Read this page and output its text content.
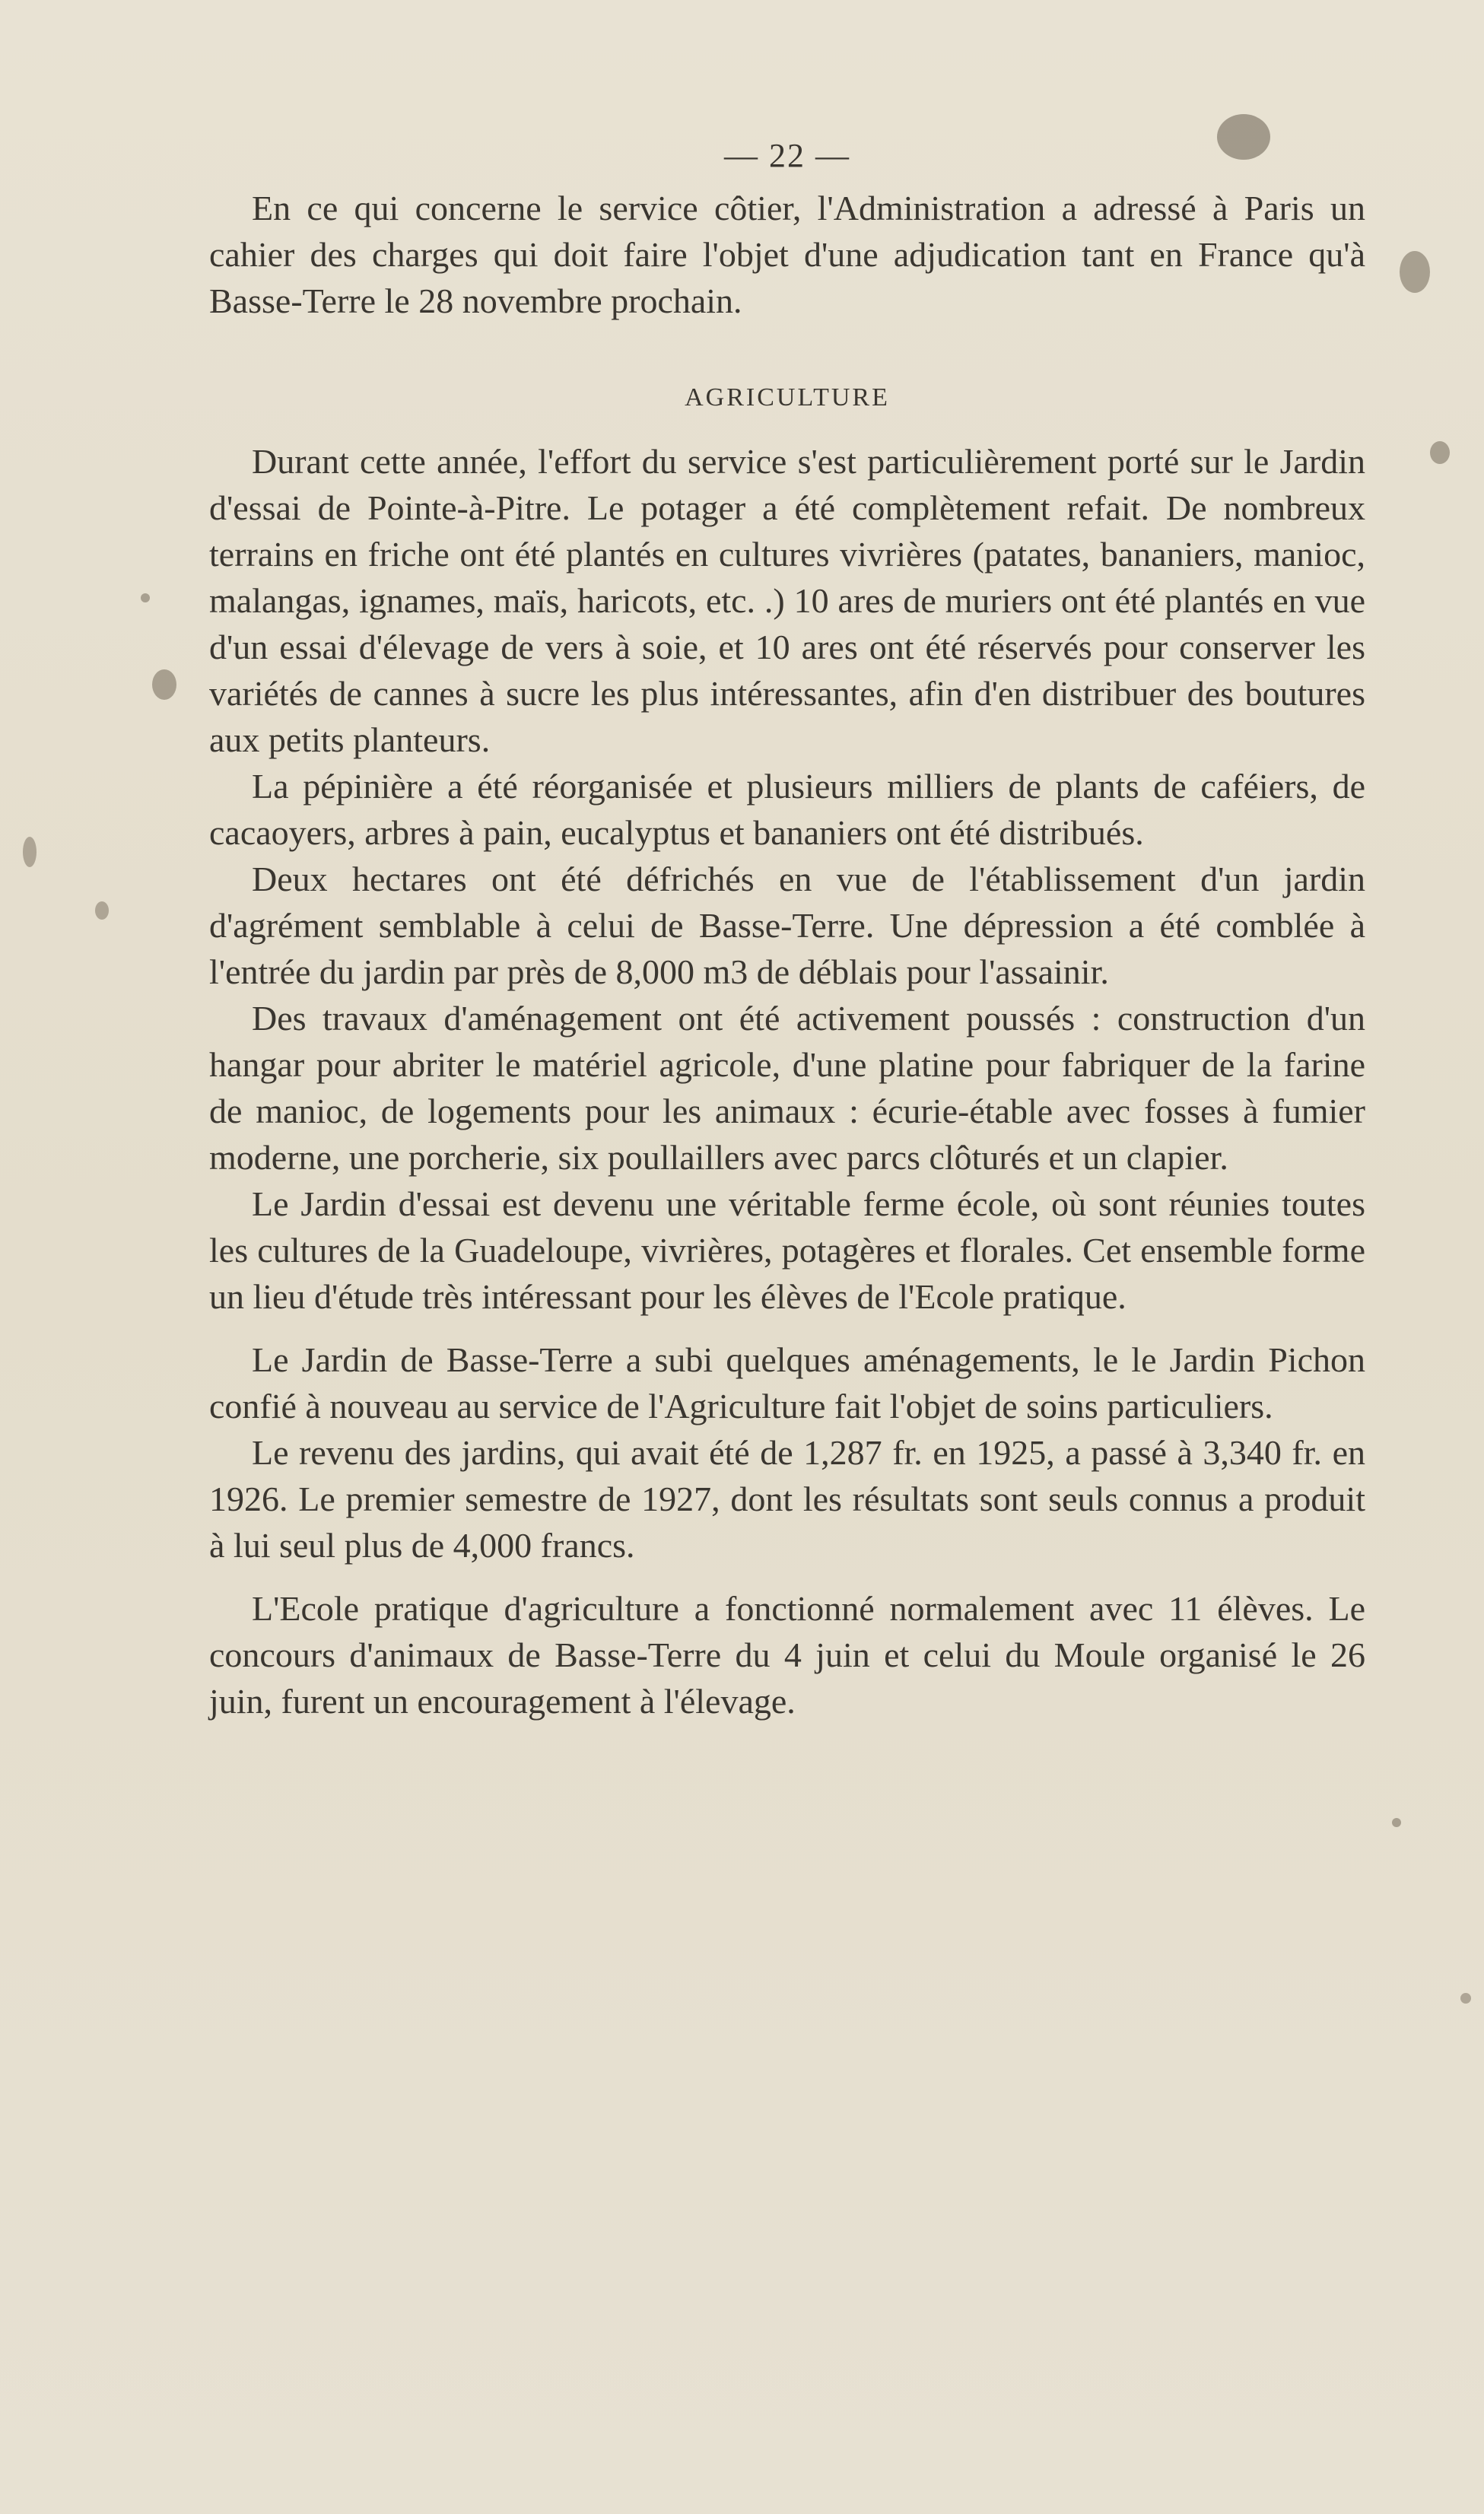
— 22 —

En ce qui concerne le service côtier, l'Administration a adressé à Paris un cahier des charges qui doit faire l'objet d'une adjudication tant en France qu'à Basse-Terre le 28 novembre prochain.

AGRICULTURE

Durant cette année, l'effort du service s'est particulièrement porté sur le Jardin d'essai de Pointe-à-Pitre. Le potager a été complètement refait. De nombreux terrains en friche ont été plantés en cultures vivrières (patates, bananiers, manioc, malangas, ignames, maïs, haricots, etc. .) 10 ares de muriers ont été plantés en vue d'un essai d'élevage de vers à soie, et 10 ares ont été réservés pour conserver les variétés de cannes à sucre les plus intéressantes, afin d'en distribuer des boutures aux petits planteurs.

La pépinière a été réorganisée et plusieurs milliers de plants de caféiers, de cacaoyers, arbres à pain, eucalyptus et bananiers ont été distribués.

Deux hectares ont été défrichés en vue de l'établissement d'un jardin d'agrément semblable à celui de Basse-Terre. Une dépression a été comblée à l'entrée du jardin par près de 8,000 m3 de déblais pour l'assainir.

Des travaux d'aménagement ont été activement poussés : construction d'un hangar pour abriter le matériel agricole, d'une platine pour fabriquer de la farine de manioc, de logements pour les animaux : écurie-étable avec fosses à fumier moderne, une porcherie, six poullaillers avec parcs clôturés et un clapier.

Le Jardin d'essai est devenu une véritable ferme école, où sont réunies toutes les cultures de la Guadeloupe, vivrières, potagères et florales. Cet ensemble forme un lieu d'étude très intéressant pour les élèves de l'Ecole pratique.

Le Jardin de Basse-Terre a subi quelques aménagements, le le Jardin Pichon confié à nouveau au service de l'Agriculture fait l'objet de soins particuliers.

Le revenu des jardins, qui avait été de 1,287 fr. en 1925, a passé à 3,340 fr. en 1926. Le premier semestre de 1927, dont les résultats sont seuls connus a produit à lui seul plus de 4,000 francs.

L'Ecole pratique d'agriculture a fonctionné normalement avec 11 élèves. Le concours d'animaux de Basse-Terre du 4 juin et celui du Moule organisé le 26 juin, furent un encouragement à l'élevage.
